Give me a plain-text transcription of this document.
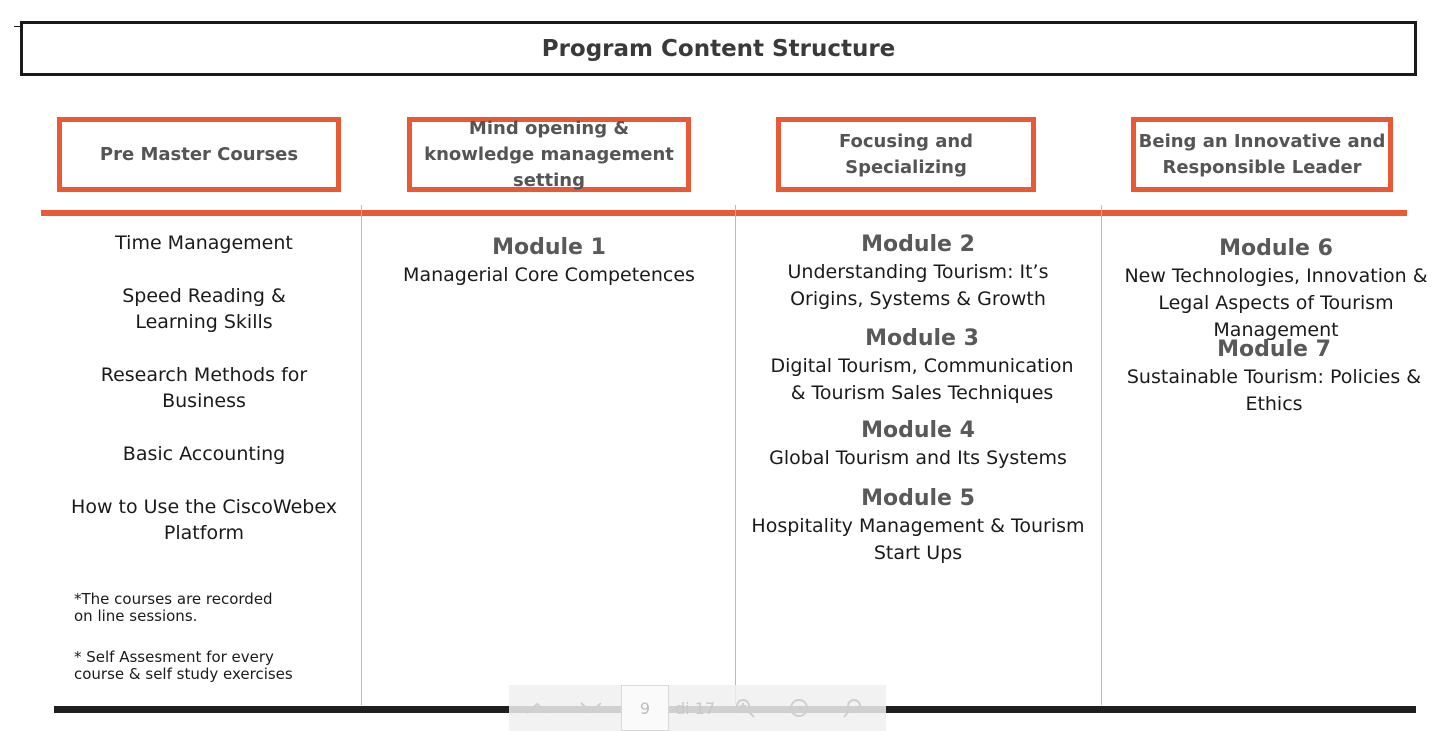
Program Content Structure
Pre Master Courses
Mind opening & knowledge management setting
Focusing and Specializing
Being an Innovative and Responsible Leader
Time Management
Speed Reading & Learning Skills
Research Methods for Business
Basic Accounting
How to Use the CiscoWebex Platform
*The courses are recorded
on line sessions.
* Self Assesment for every
course & self study exercises
Module 1
Managerial Core Competences
Module 2
Understanding Tourism: It’s Origins, Systems & Growth
Module 3
Digital Tourism, Communication & Tourism Sales Techniques
Module 4
Global Tourism and Its Systems
Module 5
Hospitality Management & Tourism Start Ups
Module 6
New Technologies, Innovation & Legal Aspects of Tourism Management
Module 7
Sustainable Tourism: Policies & Ethics
9
di 17
